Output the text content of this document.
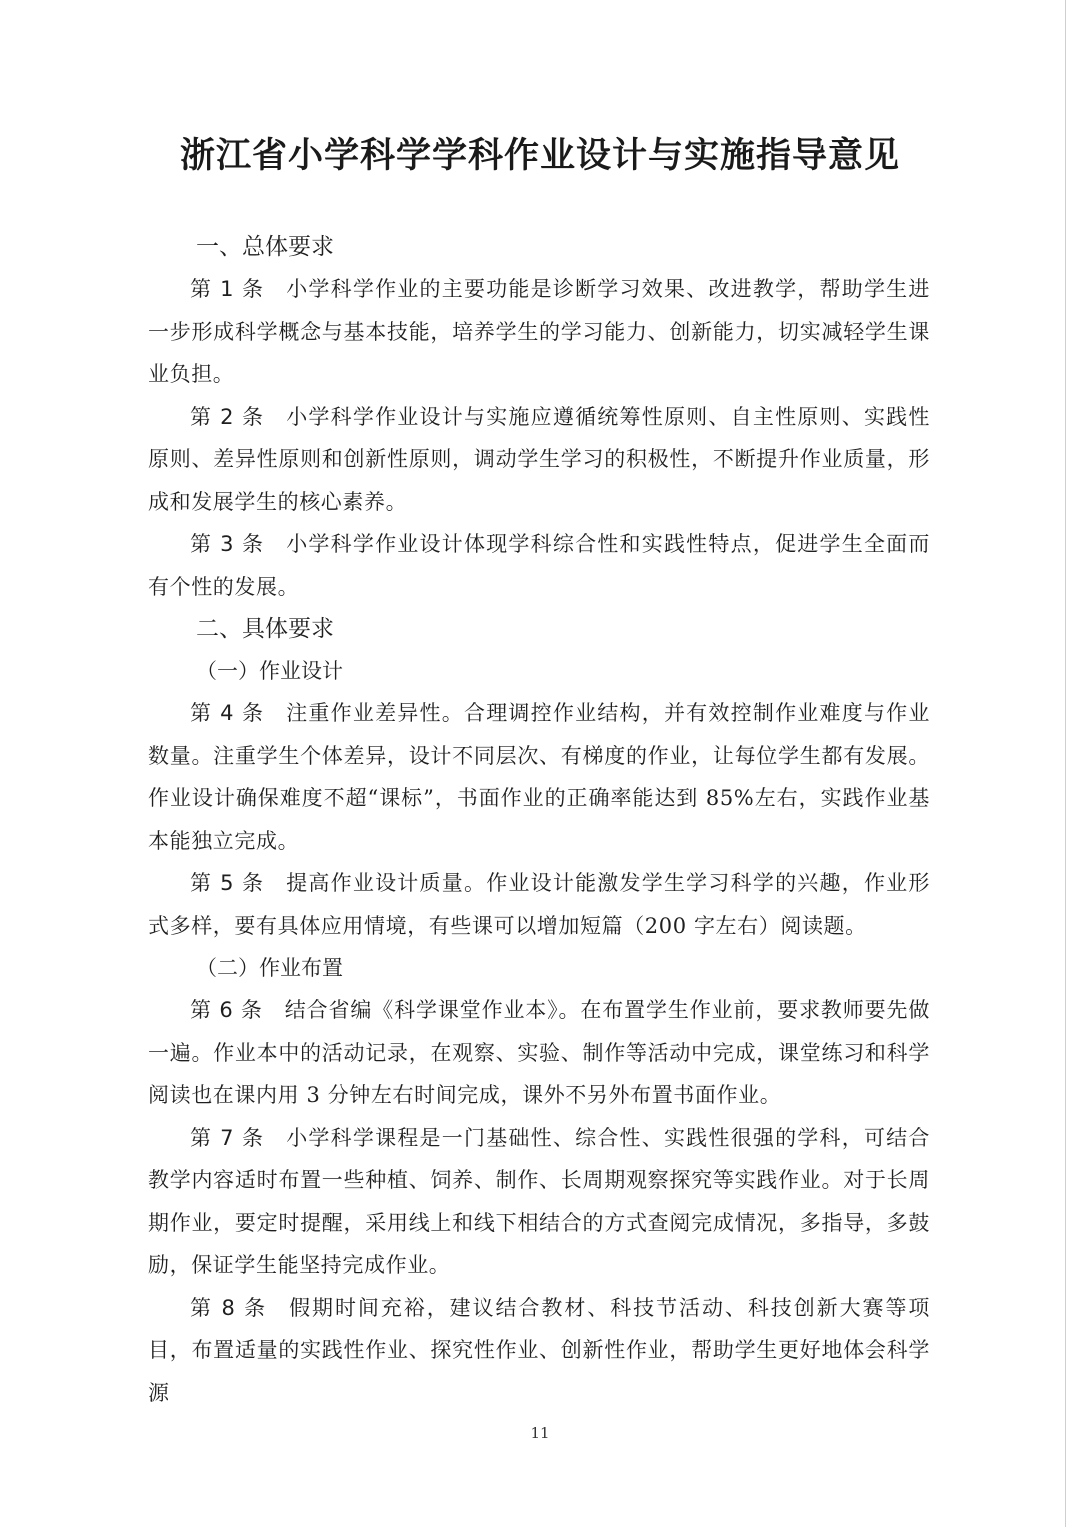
浙江省小学科学学科作业设计与实施指导意见
一、总体要求

第 1 条 小学科学作业的主要功能是诊断学习效果、改进教学，帮助学生进一步形成科学概念与基本技能，培养学生的学习能力、创新能力，切实减轻学生课业负担。

第 2 条 小学科学作业设计与实施应遵循统筹性原则、自主性原则、实践性原则、差异性原则和创新性原则，调动学生学习的积极性，不断提升作业质量，形成和发展学生的核心素养。

第 3 条 小学科学作业设计体现学科综合性和实践性特点，促进学生全面而有个性的发展。

二、具体要求
（一）作业设计

第 4 条 注重作业差异性。合理调控作业结构，并有效控制作业难度与作业数量。注重学生个体差异，设计不同层次、有梯度的作业，让每位学生都有发展。作业设计确保难度不超“课标”，书面作业的正确率能达到 85%左右，实践作业基本能独立完成。

第 5 条 提高作业设计质量。作业设计能激发学生学习科学的兴趣，作业形式多样，要有具体应用情境，有些课可以增加短篇（200 字左右）阅读题。

（二）作业布置

第 6 条 结合省编《科学课堂作业本》。在布置学生作业前，要求教师要先做一遍。作业本中的活动记录，在观察、实验、制作等活动中完成，课堂练习和科学阅读也在课内用 3 分钟左右时间完成，课外不另外布置书面作业。

第 7 条 小学科学课程是一门基础性、综合性、实践性很强的学科，可结合教学内容适时布置一些种植、饲养、制作、长周期观察探究等实践作业。对于长周期作业，要定时提醒，采用线上和线下相结合的方式查阅完成情况，多指导，多鼓励，保证学生能坚持完成作业。

第 8 条 假期时间充裕，建议结合教材、科技节活动、科技创新大赛等项目，布置适量的实践性作业、探究性作业、创新性作业，帮助学生更好地体会科学源

11
